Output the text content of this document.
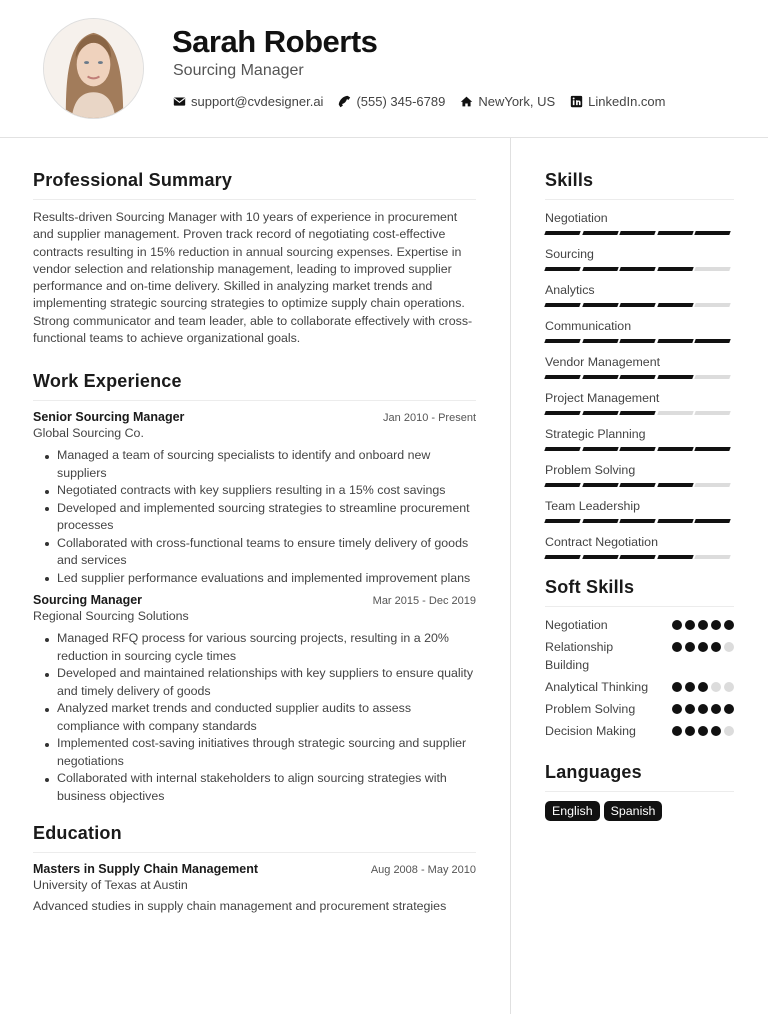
Sarah Roberts
Sourcing Manager
support@cvdesigner.ai	(555) 345-6789	NewYork, US	LinkedIn.com
Professional Summary

Results-driven Sourcing Manager with 10 years of experience in procurement and supplier management. Proven track record of negotiating cost-effective contracts resulting in 15% reduction in annual sourcing expenses. Expertise in vendor selection and relationship management, leading to improved supplier performance and on-time delivery. Skilled in analyzing market trends and implementing strategic sourcing strategies to optimize supply chain operations. Strong communicator and team leader, able to collaborate effectively with cross-functional teams to achieve organizational goals.

Work Experience
Senior Sourcing Manager	Jan 2010 - Present
Global Sourcing Co.
Managed a team of sourcing specialists to identify and onboard new suppliers
Negotiated contracts with key suppliers resulting in a 15% cost savings
Developed and implemented sourcing strategies to streamline procurement processes
Collaborated with cross-functional teams to ensure timely delivery of goods and services
Led supplier performance evaluations and implemented improvement plans
Sourcing Manager	Mar 2015 - Dec 2019
Regional Sourcing Solutions
Managed RFQ process for various sourcing projects, resulting in a 20% reduction in sourcing cycle times
Developed and maintained relationships with key suppliers to ensure quality and timely delivery of goods
Analyzed market trends and conducted supplier audits to assess compliance with company standards
Implemented cost-saving initiatives through strategic sourcing and supplier negotiations
Collaborated with internal stakeholders to align sourcing strategies with business objectives
Education
Masters in Supply Chain Management	Aug 2008 - May 2010
University of Texas at Austin
Advanced studies in supply chain management and procurement strategies
Skills
Negotiation
Sourcing
Analytics
Communication
Vendor Management
Project Management
Strategic Planning
Problem Solving
Team Leadership
Contract Negotiation
Soft Skills
Negotiation
Relationship Building
Analytical Thinking
Problem Solving
Decision Making
Languages
English	Spanish
